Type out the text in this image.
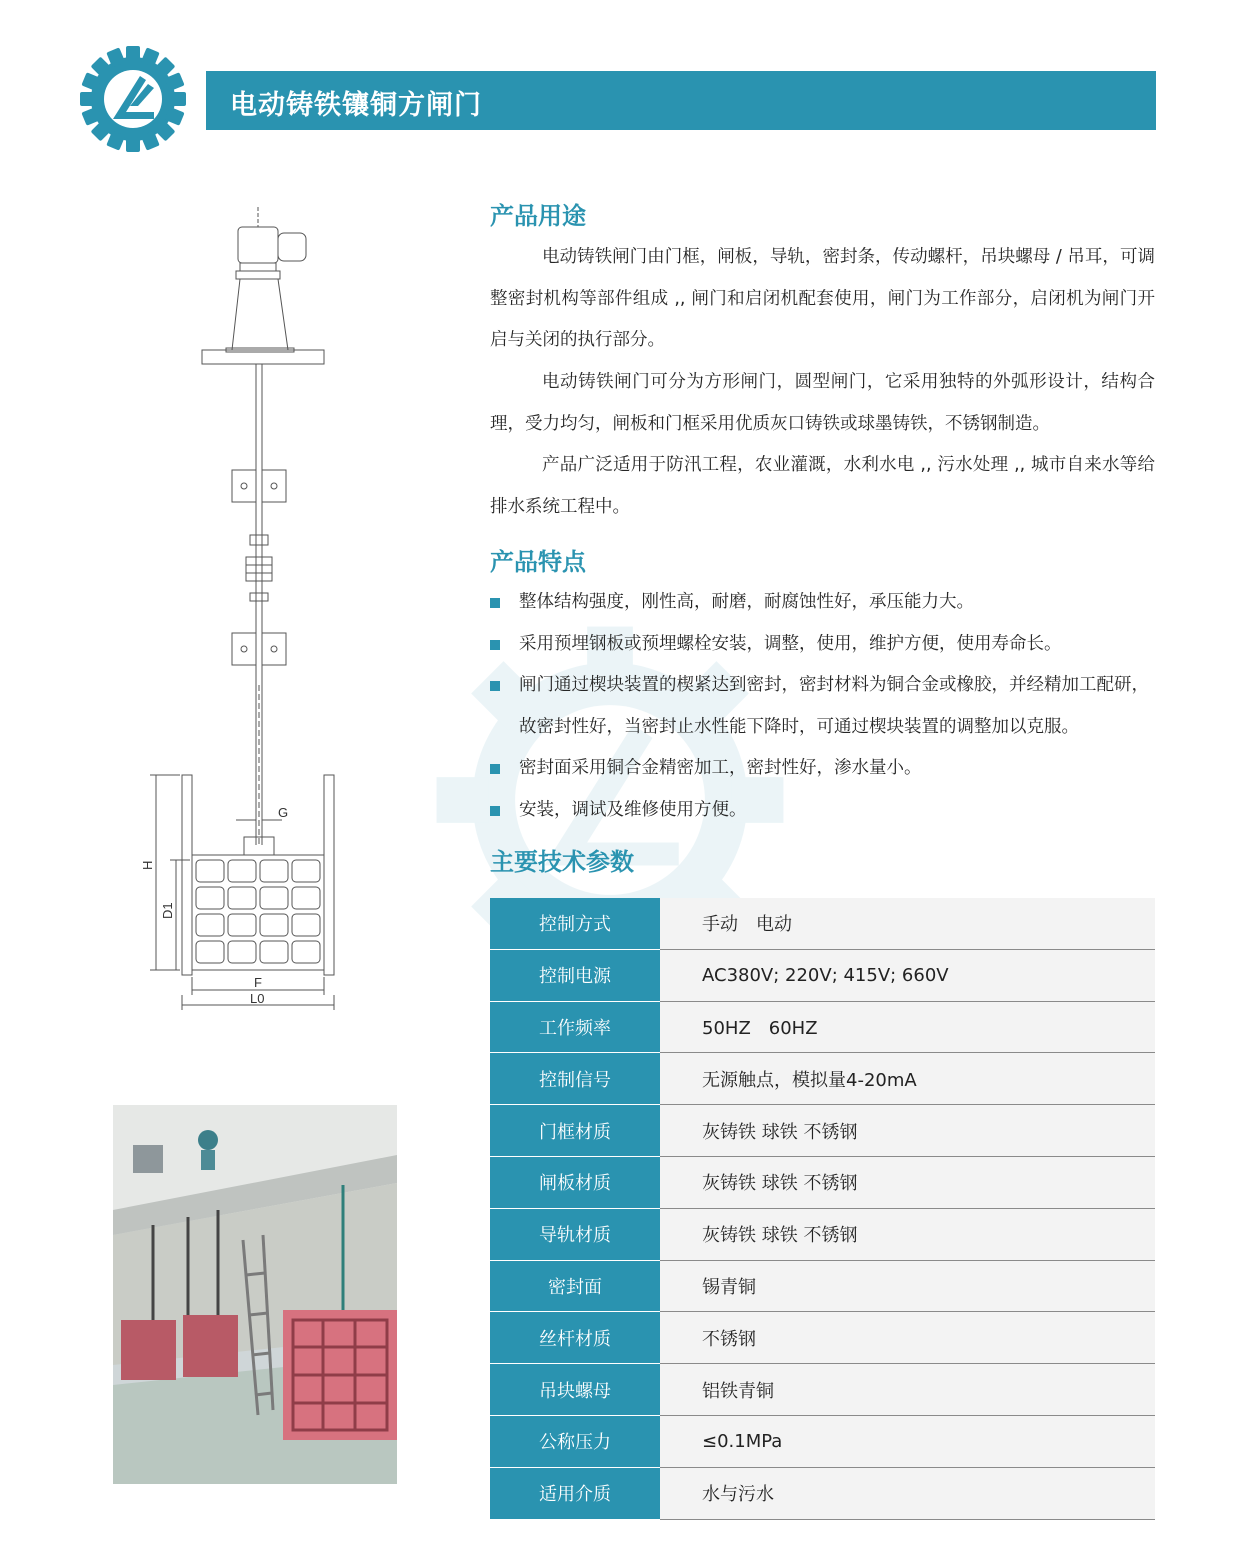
电动铸铁镶铜方闸门
G
H
D1
F
L0
产品用途

电动铸铁闸门由门框，闸板，导轨，密封条，传动螺杆，吊块螺母 / 吊耳，可调整密封机构等部件组成 ,, 闸门和启闭机配套使用，闸门为工作部分，启闭机为闸门开启与关闭的执行部分。

电动铸铁闸门可分为方形闸门，圆型闸门，它采用独特的外弧形设计，结构合理，受力均匀，闸板和门框采用优质灰口铸铁或球墨铸铁，不锈钢制造。

产品广泛适用于防汛工程，农业灌溉，水利水电 ,, 污水处理 ,, 城市自来水等给排水系统工程中。

产品特点
整体结构强度，刚性高，耐磨，耐腐蚀性好，承压能力大。
采用预埋钢板或预埋螺栓安装，调整，使用，维护方便，使用寿命长。
闸门通过楔块装置的楔紧达到密封，密封材料为铜合金或橡胶，并经精加工配研，故密封性好，当密封止水性能下降时，可通过楔块装置的调整加以克服。
密封面采用铜合金精密加工，密封性好，渗水量小。
安装，调试及维修使用方便。
主要技术参数
控制方式	手动　电动
控制电源	AC380V; 220V; 415V; 660V
工作频率	50HZ　60HZ
控制信号	无源触点，模拟量4-20mA
门框材质	灰铸铁 球铁 不锈钢
闸板材质	灰铸铁 球铁 不锈钢
导轨材质	灰铸铁 球铁 不锈钢
密封面	锡青铜
丝杆材质	不锈钢
吊块螺母	铝铁青铜
公称压力	≤0.1MPa
适用介质	水与污水
